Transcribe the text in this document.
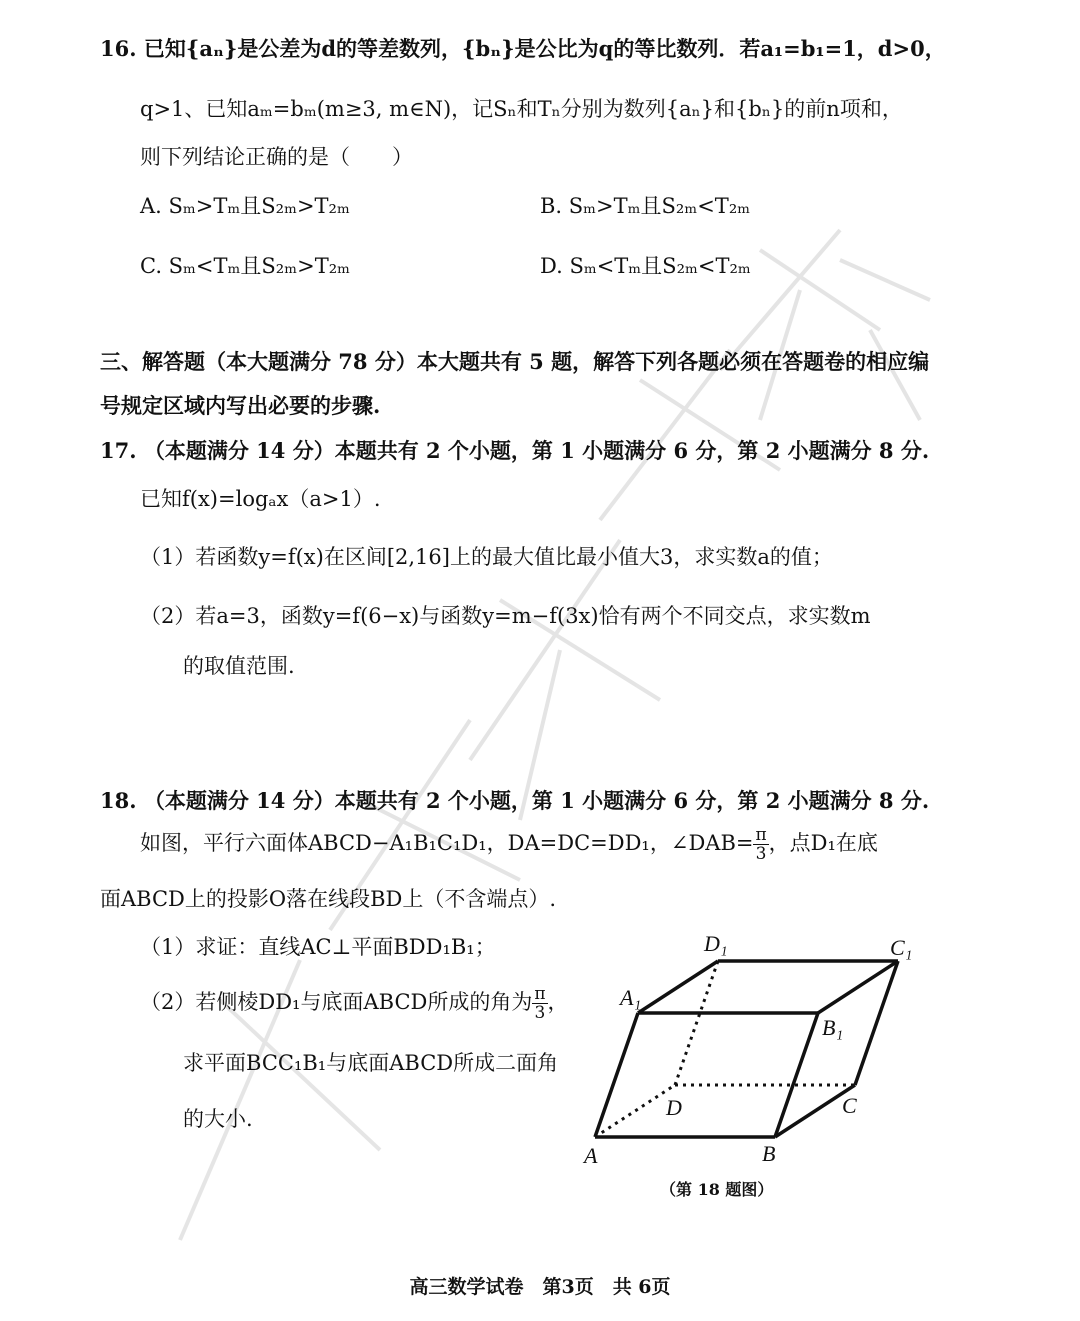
16. 已知{aₙ}是公差为d的等差数列，{bₙ}是公比为q的等比数列．若a₁=b₁=1，d>0，
q>1、已知aₘ=bₘ(m≥3, m∈N)，记Sₙ和Tₙ分别为数列{aₙ}和{bₙ}的前n项和，
则下列结论正确的是（　　）
A. Sₘ>Tₘ且S₂ₘ>T₂ₘ	B. Sₘ>Tₘ且S₂ₘ<T₂ₘ
C. Sₘ<Tₘ且S₂ₘ>T₂ₘ	D. Sₘ<Tₘ且S₂ₘ<T₂ₘ
三、解答题（本大题满分 78 分）本大题共有 5 题，解答下列各题必须在答题卷的相应编
号规定区域内写出必要的步骤.
17. （本题满分 14 分）本题共有 2 个小题，第 1 小题满分 6 分，第 2 小题满分 8 分.
已知f(x)=logₐx（a>1）.
（1）若函数y=f(x)在区间[2,16]上的最大值比最小值大3，求实数a的值；
（2）若a=3，函数y=f(6−x)与函数y=m−f(3x)恰有两个不同交点，求实数m
的取值范围.
18. （本题满分 14 分）本题共有 2 个小题，第 1 小题满分 6 分，第 2 小题满分 8 分.
如图，平行六面体ABCD−A₁B₁C₁D₁，DA=DC=DD₁，∠DAB= $\frac{\pi}{3}$ ，点D₁在底
面ABCD上的投影O落在线段BD上（不含端点）.
（1）求证：直线AC⊥平面BDD₁B₁；
（2）若侧棱DD₁与底面ABCD所成的角为 $\frac{\pi}{3}$ ，
求平面BCC₁B₁与底面ABCD所成二面角
的大小.
D₁	C₁
A₁
B₁
D	C
A	B
（第 18 题图）
高三数学试卷　第3页　共 6页
